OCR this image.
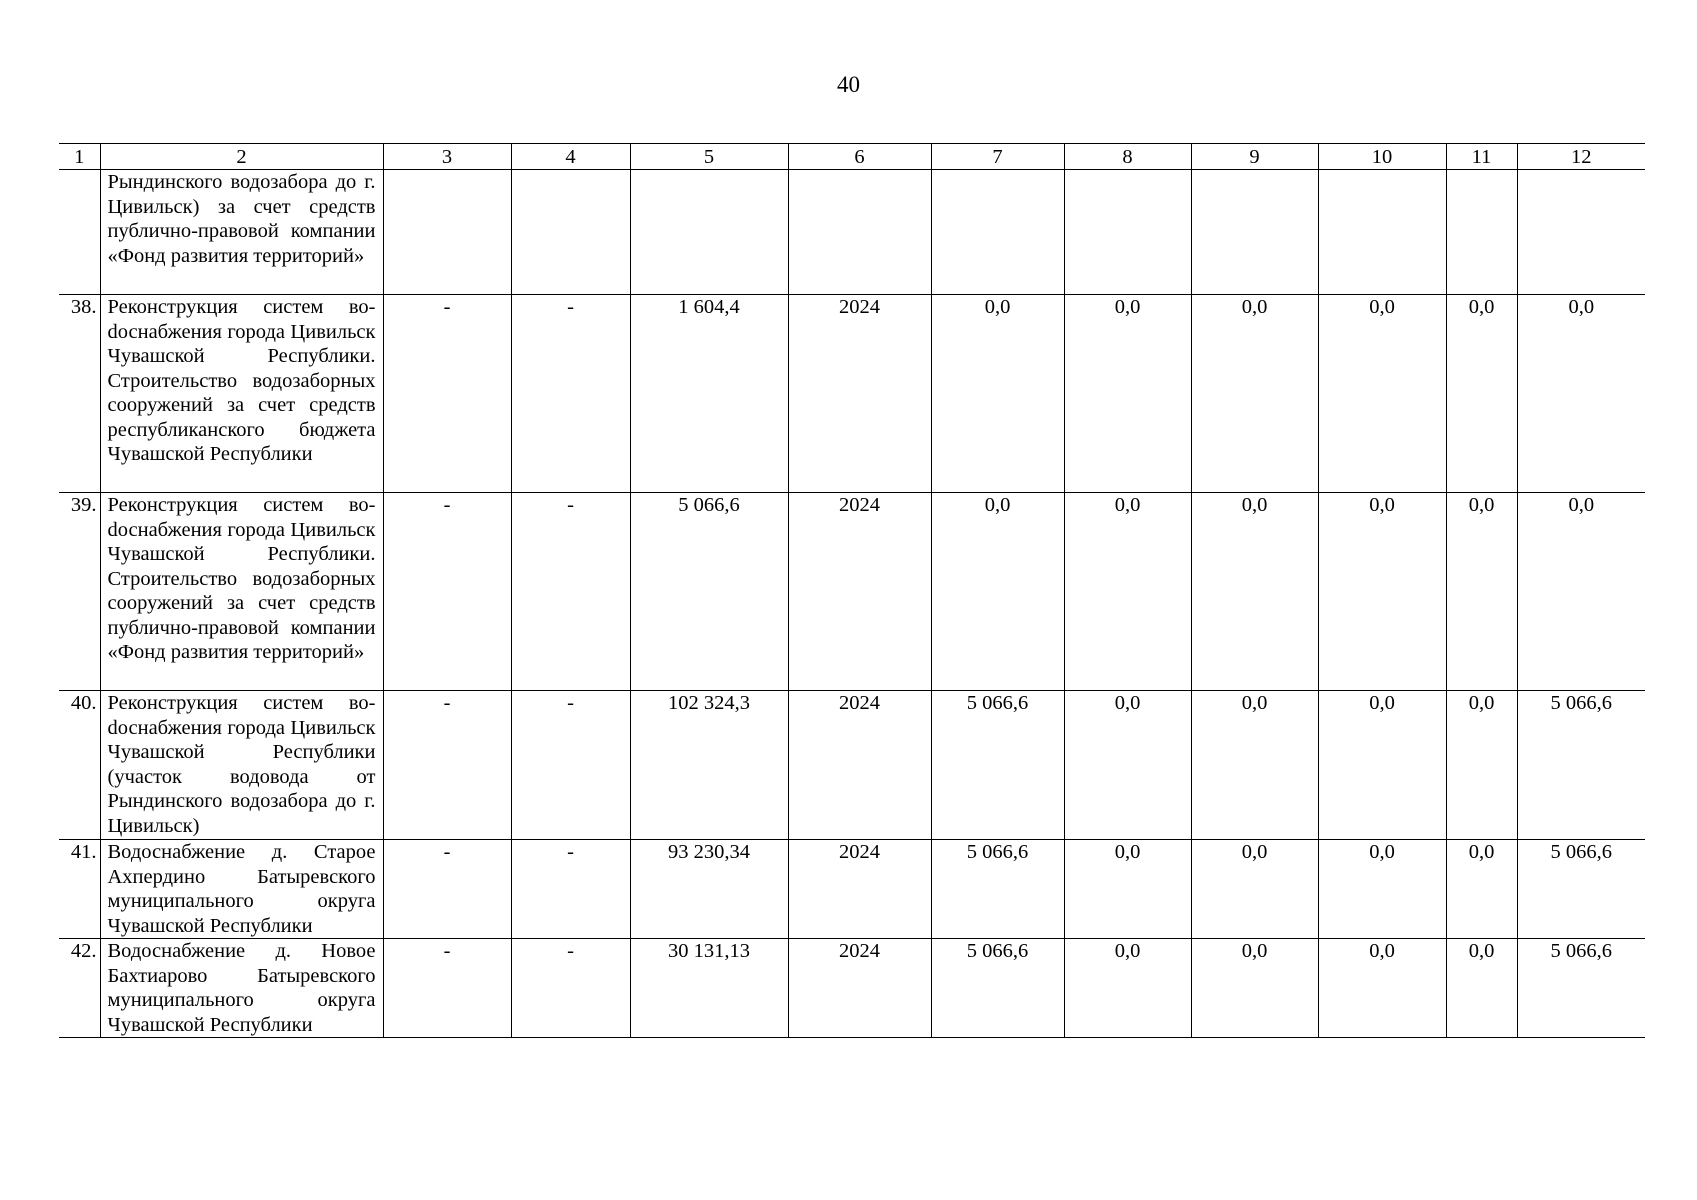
40
1	2	3	4	5	6	7	8	9	10	11	12
	Рындинского водозабора до г. Цивильск) за счет средств публично-правовой компании «Фонд развития территорий»										
38.	Реконструкция систем воdоснабжения города Цивильск Чувашской Республики. Строительство водозаборных сооружений за счет средств республиканского бюджета Чувашской Республики	-	-	1 604,4	2024	0,0	0,0	0,0	0,0	0,0	0,0
39.	Реконструкция систем воdоснабжения города Цивильск Чувашской Республики. Строительство водозаборных сооружений за счет средств публично-правовой компании «Фонд развития территорий»	-	-	5 066,6	2024	0,0	0,0	0,0	0,0	0,0	0,0
40.	Реконструкция систем воdоснабжения города Цивильск Чувашской Республики (участок водовода от Рындинского водозабора до г. Цивильск)	-	-	102 324,3	2024	5 066,6	0,0	0,0	0,0	0,0	5 066,6
41.	Водоснабжение д. Старое Ахпердино Батыревского муниципального округа Чувашской Республики	-	-	93 230,34	2024	5 066,6	0,0	0,0	0,0	0,0	5 066,6
42.	Водоснабжение д. Новое Бахтиарово Батыревского муниципального округа Чувашской Республики	-	-	30 131,13	2024	5 066,6	0,0	0,0	0,0	0,0	5 066,6
